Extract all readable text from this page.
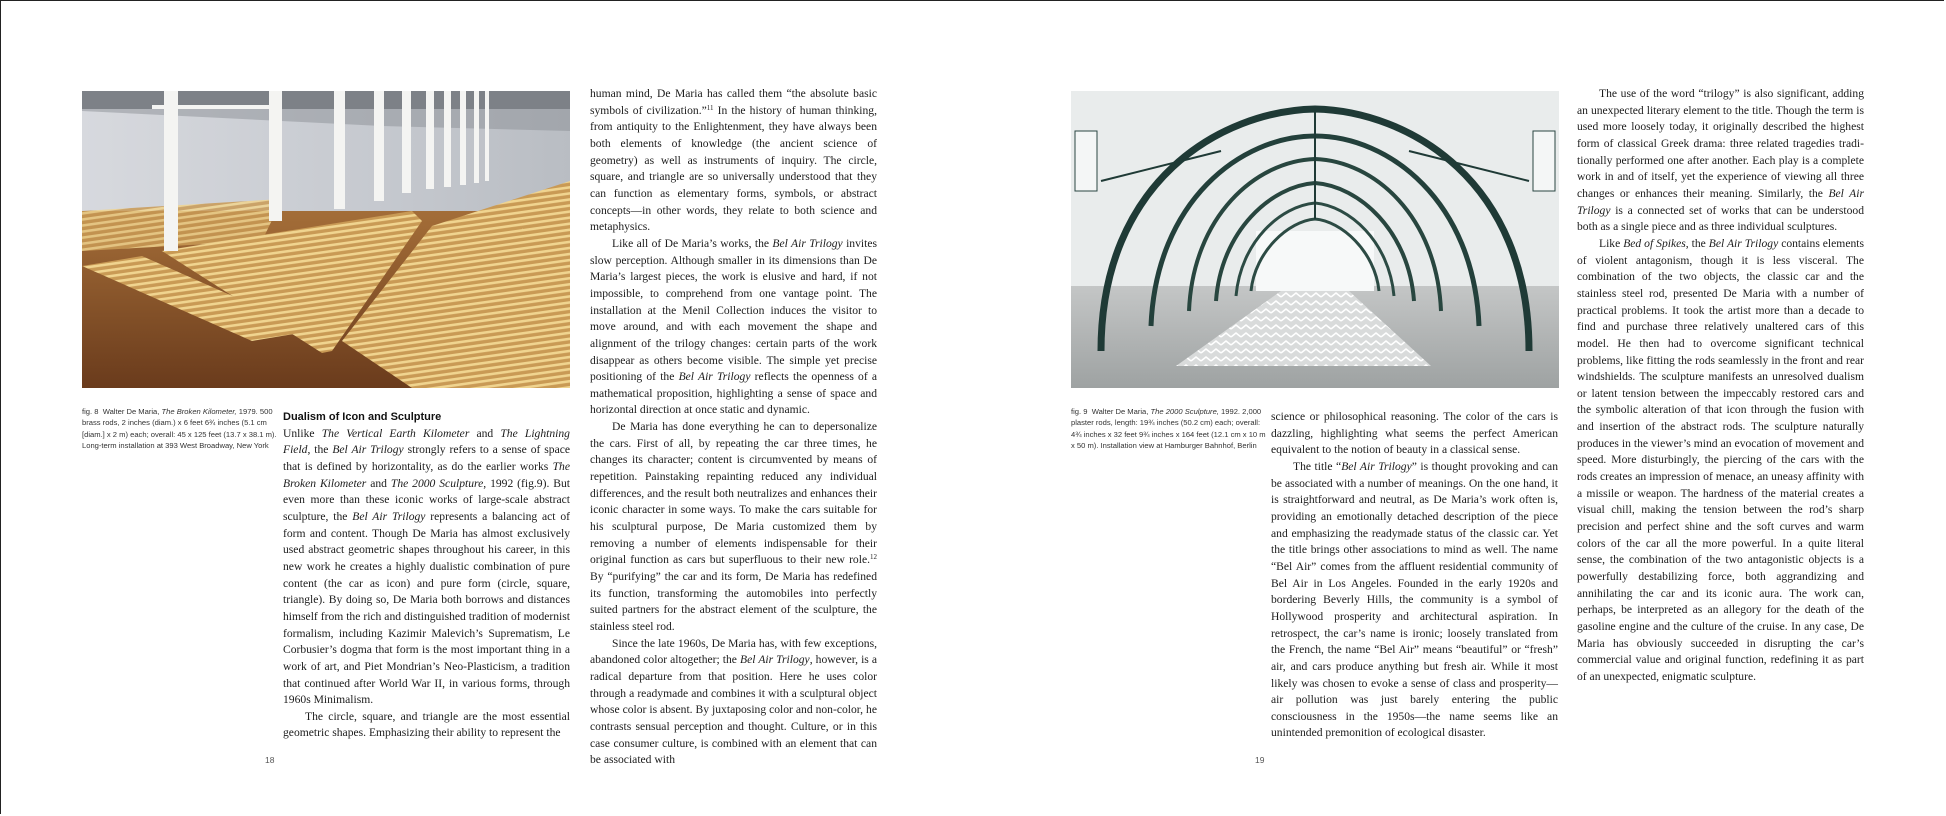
fig. 8 Walter De Maria, The Broken Kilometer, 1979. 500 brass rods, 2 inches (diam.) x 6 feet 6¾ inches (5.1 cm [diam.] x 2 m) each; overall: 45 x 125 feet (13.7 x 38.1 m). Long-term installation at 393 West Broadway, New York
Dualism of Icon and Sculpture

Unlike The Vertical Earth Kilometer and The Lightning Field, the Bel Air Trilogy strongly refers to a sense of space that is defined by horizontality, as do the earlier works The Broken Kilometer and The 2000 Sculpture, 1992 (fig.9). But even more than these iconic works of large-scale abstract sculpture, the Bel Air Trilogy represents a balancing act of form and content. Though De Maria has almost exclusively used abstract geometric shapes throughout his career, in this new work he creates a highly dualistic combination of pure content (the car as icon) and pure form (circle, square, triangle). By doing so, De Maria both borrows and distances himself from the rich and distinguished tradition of modernist formalism, including Kazimir Malevich’s Suprematism, Le Corbusier’s dogma that form is the most important thing in a work of art, and Piet Mondrian’s Neo-Plasticism, a tradition that continued after World War II, in various forms, through 1960s Minimalism.

The circle, square, and triangle are the most essential geometric shapes. Emphasizing their ability to represent the

human mind, De Maria has called them “the absolute basic symbols of civilization.”$^{11}$ In the history of human thinking, from antiquity to the Enlightenment, they have always been both elements of knowledge (the ancient science of geometry) as well as instruments of inquiry. The circle, square, and triangle are so universally understood that they can function as elementary forms, symbols, or abstract concepts—in other words, they relate to both science and metaphysics.

Like all of De Maria’s works, the Bel Air Trilogy invites slow perception. Although smaller in its dimensions than De Maria’s largest pieces, the work is elusive and hard, if not impossible, to comprehend from one vantage point. The installation at the Menil Collection induces the visitor to move around, and with each movement the shape and alignment of the trilogy changes: certain parts of the work disappear as others become visible. The simple yet precise positioning of the Bel Air Trilogy reflects the openness of a mathematical proposition, highlighting a sense of space and horizontal direction at once static and dynamic.

De Maria has done everything he can to depersonalize the cars. First of all, by repeating the car three times, he changes its character; content is circumvented by means of repetition. Painstaking repainting reduced any individual differences, and the result both neutralizes and enhances their iconic character in some ways. To make the cars suitable for his sculptural purpose, De Maria customized them by removing a number of elements indispensable for their original function as cars but superfluous to their new role.$^{12}$ By “purifying” the car and its form, De Maria has redefined its function, transforming the automobiles into perfectly suited partners for the abstract element of the sculpture, the stainless steel rod.

Since the late 1960s, De Maria has, with few exceptions, abandoned color altogether; the Bel Air Trilogy, however, is a radical departure from that position. Here he uses color through a readymade and combines it with a sculptural object whose color is absent. By juxtaposing color and non-color, he contrasts sensual perception and thought. Culture, or in this case consumer culture, is combined with an element that can be associated with

18
fig. 9 Walter De Maria, The 2000 Sculpture, 1992. 2,000 plaster rods, length: 19¾ inches (50.2 cm) each; overall: 4¾ inches x 32 feet 9¾ inches x 164 feet (12.1 cm x 10 m x 50 m). Installation view at Hamburger Bahnhof, Berlin

science or philosophical reasoning. The color of the cars is dazzling, highlighting what seems the perfect American equivalent to the notion of beauty in a classical sense.

The title “Bel Air Trilogy” is thought provoking and can be associated with a number of meanings. On the one hand, it is straightforward and neutral, as De Maria’s work often is, providing an emotionally detached description of the piece and emphasizing the readymade status of the classic car. Yet the title brings other associations to mind as well. The name “Bel Air” comes from the affluent residential community of Bel Air in Los Angeles. Founded in the early 1920s and bordering Beverly Hills, the community is a symbol of Hollywood prosperity and architectural aspiration. In retrospect, the car’s name is ironic; loosely translated from the French, the name “Bel Air” means “beautiful” or “fresh” air, and cars produce anything but fresh air. While it most likely was chosen to evoke a sense of class and prosperity—air pollution was just barely entering the public consciousness in the 1950s—the name seems like an unintended premonition of ecological disaster.

The use of the word “trilogy” is also significant, adding an unexpected literary element to the title. Though the term is used more loosely today, it originally described the highest form of classical Greek drama: three related tragedies traditionally performed one after another. Each play is a complete work in and of itself, yet the experience of viewing all three changes or enhances their meaning. Similarly, the Bel Air Trilogy is a connected set of works that can be understood both as a single piece and as three individual sculptures.

Like Bed of Spikes, the Bel Air Trilogy contains elements of violent antagonism, though it is less visceral. The combination of the two objects, the classic car and the stainless steel rod, presented De Maria with a number of practical problems. It took the artist more than a decade to find and purchase three relatively unaltered cars of this model. He then had to overcome significant technical problems, like fitting the rods seamlessly in the front and rear windshields. The sculpture manifests an unresolved dualism or latent tension between the impeccably restored cars and the symbolic alteration of that icon through the fusion with and insertion of the abstract rods. The sculpture naturally produces in the viewer’s mind an evocation of movement and speed. More disturbingly, the piercing of the cars with the rods creates an impression of menace, an uneasy affinity with a missile or weapon. The hardness of the material creates a visual chill, making the tension between the rod’s sharp precision and perfect shine and the soft curves and warm colors of the car all the more powerful. In a quite literal sense, the combination of the two antagonistic objects is a powerfully destabilizing force, both aggrandizing and annihilating the car and its iconic aura. The work can, perhaps, be interpreted as an allegory for the death of the gasoline engine and the culture of the cruise. In any case, De Maria has obviously succeeded in disrupting the car’s commercial value and original function, redefining it as part of an unexpected, enigmatic sculpture.

19
